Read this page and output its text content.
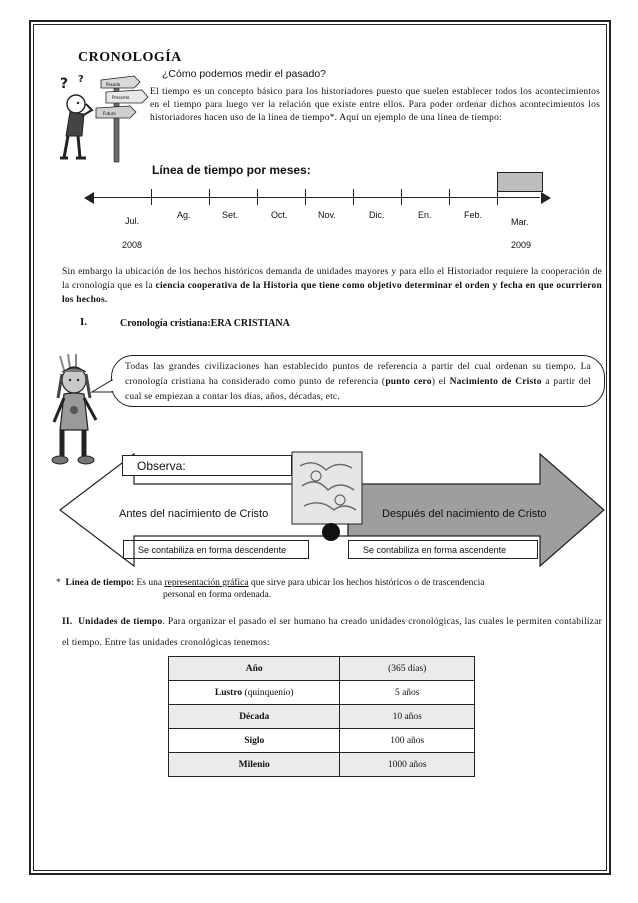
CRONOLOGÍA
¿Cómo podemos medir el pasado?
Pasado
Presente
Futuro
? ?
El tiempo es un concepto básico para los historiadores puesto que suelen establecer todos los acontecimientos en el tiempo para luego ver la relación que existe entre ellos. Para poder ordenar dichos acontecimientos los historiadores hacen uso de la línea de tiempo*. Aquí un ejemplo de una línea de tiempo:
Línea de tiempo por meses:
Jul.
Ag.	Set.	Oct.	Nov.	Dic.	En.	Feb.
Mar.
2008	2009
Sin embargo la ubicación de los hechos históricos demanda de unidades mayores y para ello el Historiador requiere la cooperación de la cronología que es la ciencia cooperativa de la Historia que tiene como objetivo determinar el orden y fecha en que ocurrieron los hechos.
I.	Cronología cristiana:ERA CRISTIANA
Todas las grandes civilizaciones han establecido puntos de referencia a partir del cual ordenan su tiempo. La cronología cristiana ha considerado como punto de referencia (punto cero) el Nacimiento de Cristo a partir del cual se empiezan a contar los días, años, décadas, etc.
Observa:
Antes del nacimiento de Cristo	Después del nacimiento de Cristo
Se contabiliza en forma descendente	Se contabiliza en forma ascendente
* Línea de tiempo: Es una representación gráfica que sirve para ubicar los hechos históricos o de trascendencia
personal en forma ordenada.
II. Unidades de tiempo. Para organizar el pasado el ser humano ha creado unidades cronológicas, las cuales le permiten contabilizar el tiempo. Entre las unidades cronológicas tenemos:
Año	(365 días)
Lustro (quinquenio)	5 años
Década	10 años
Siglo	100 años
Milenio	1000 años
